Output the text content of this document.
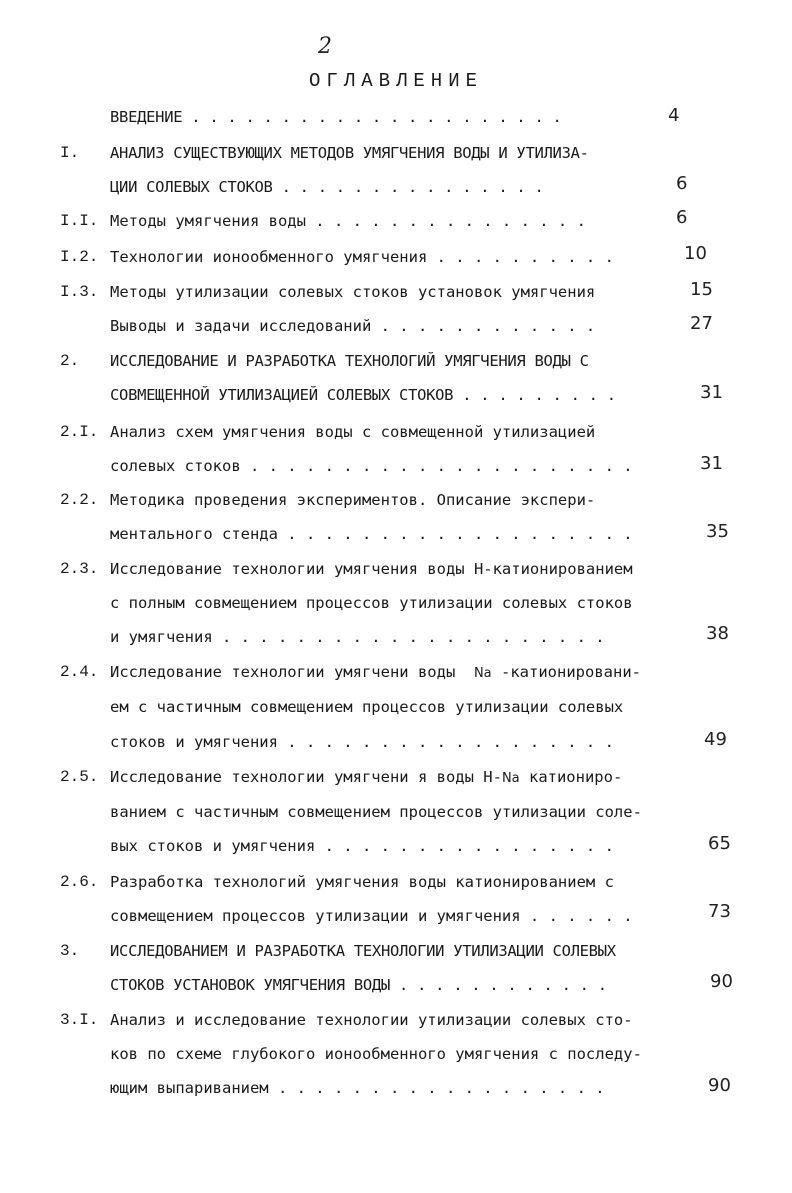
2
ОГЛАВЛЕНИЕ
ВВЕДЕНИЕ . . . . . . . . . . . . . . . . . . . . .	4
I. АНАЛИЗ СУЩЕСТВУЮЩИХ МЕТОДОВ УМЯГЧЕНИЯ ВОДЫ И УТИЛИЗА-
ЦИИ СОЛЕВЫХ СТОКОВ . . . . . . . . . . . . . . .	6
I.I. Методы умягчения воды . . . . . . . . . . . . . . .	6
I.2. Технологии ионообменного умягчения . . . . . . . . . .	10
I.3. Методы утилизации солевых стоков установок умягчения	15
Выводы и задачи исследований . . . . . . . . . . . .	27
2. ИССЛЕДОВАНИЕ И РАЗРАБОТКА ТЕХНОЛОГИЙ УМЯГЧЕНИЯ ВОДЫ С
СОВМЕЩЕННОЙ УТИЛИЗАЦИЕЙ СОЛЕВЫХ СТОКОВ . . . . . . . . .	31
2.I. Анализ схем умягчения воды с совмещенной утилизацией
солевых стоков . . . . . . . . . . . . . . . . . . . . .	31
2.2. Методика проведения экспериментов. Описание экспери-
ментального стенда . . . . . . . . . . . . . . . . . . .	35
2.3. Исследование технологии умягчения воды Н-катионированием
с полным совмещением процессов утилизации солевых стоков
и умягчения . . . . . . . . . . . . . . . . . . . . .	38
2.4. Исследование технологии умягчени воды Na -катионировани-
ем с частичным совмещением процессов утилизации солевых
стоков и умягчения . . . . . . . . . . . . . . . . . .	49
2.5. Исследование технологии умягчени я воды Н-Na катиониро-
ванием с частичным совмещением процессов утилизации соле-
вых стоков и умягчения . . . . . . . . . . . . . . . .	65
2.6. Разработка технологий умягчения воды катионированием с
совмещением процессов утилизации и умягчения . . . . . .	73
3. ИССЛЕДОВАНИЕМ И РАЗРАБОТКА ТЕХНОЛОГИИ УТИЛИЗАЦИИ СОЛЕВЫХ
СТОКОВ УСТАНОВОК УМЯГЧЕНИЯ ВОДЫ . . . . . . . . . . . .	90
3.I. Анализ и исследование технологии утилизации солевых сто-
ков по схеме глубокого ионообменного умягчения с последу-
ющим выпариванием . . . . . . . . . . . . . . . . . .	90
